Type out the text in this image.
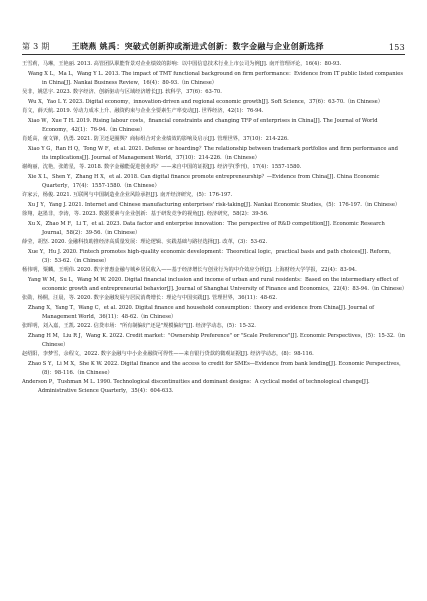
第 3 期	王晓燕 姚禹：突破式创新抑或渐进式创新：数字金融与企业创新选择	153

王雪莉，马琳，王艳丽. 2013. 高管团队职能背景对企业绩效的影响：以中国信息技术行业上市公司为例[J]. 南开管理评论，16(4)：80-93.

Wang X L，Ma L，Wang Y L. 2013. The impact of TMT functional background on firm performance：Evidence from IT public listed companies in China[J]. Nankai Business Review，16(4)：80-93.（in Chinese）

吴非，姚思宇. 2023. 数字经济、创新驱动与区域经济增长[J]. 软科学，37(6)：63-70.

Wu X，Yao L Y. 2023. Digital economy，innovation-driven and regional economic growth[J]. Soft Science，37(6)：63-70.（in Chinese）

肖文，薛天航. 2019. 劳动力成本上升、融资约束与企业全要素生产率变动[J]. 世界经济，42(1)：76-94.

Xiao W，Xue T H. 2019. Rising labour costs，financial constraints and changing TFP of enterprises in China[J]. The Journal of World Economy，42(1)：76-94.（in Chinese）

肖延高，童文锋，仇勇. 2021. 防卫还是圈舆？商标组合对企业绩效的影响及启示[J]. 管理世界，37(10)：214-226.

Xiao Y G，Ran H Q，Tong W F，et al. 2021. Defense or hoarding？The relationship between trademark portfolios and firm performance and its implications[J]. Journal of Management World，37(10)：214-226.（in Chinese）

谢绚丽，沈艳，张皓星，等. 2018. 数字金融能促进创业吗？——来自中国的证据[J]. 经济学(季刊)，17(4)：1557-1580.

Xie X L，Shen Y，Zhang H X，et al. 2018. Can digital finance promote entrepreneurship？—Evidence from China[J]. China Economic Quarterly，17(4)：1557-1580.（in Chinese）

许家云，杨俊. 2021. 互联网与中国制造业企业风险承担[J]. 南开经济研究，(5)：176-197.

Xu J Y，Yang J. 2021. Internet and Chinese manufacturing enterprises' risk-taking[J]. Nankai Economic Studies，(5)：176-197.（in Chinese）

徐翔，赵墨非，李涛，等. 2023. 数据要素与企业创新：基于研发竞争的视角[J]. 经济研究，58(2)：39-56.

Xu X，Zhao M F，Li T，et al. 2023. Data factor and enterprise innovation：The perspective of R&D competition[J]. Economic Research Journal，58(2)：39-56.（in Chinese）

薛莹，胡坚. 2020. 金融科技助推经济高质量发展：理论逻辑、实践基础与路径选择[J]. 改革，(3)：53-62.

Xue Y，Hu J. 2020. Fintech promotes high-quality economic development：Theoretical logic，practical basis and path choices[J]. Reform，(3)：53-62.（in Chinese）

杨伟明，粟麟，王明伟. 2020. 数字普惠金融与城乡居民收入——基于经济增长与创业行为的中介效应分析[J]. 上海财经大学学报，22(4)：83-94.

Yang W M，Su L，Wang M W. 2020. Digital financial inclusion and income of urban and rural residents：Based on the intermediary effect of economic growth and entrepreneurial behavior[J]. Journal of Shanghai University of Finance and Economics，22(4)：83-94.（in Chinese）

张勋，杨桐，汪晨，等. 2020. 数字金融发展与居民消费增长：理论与中国实践[J]. 管理世界，36(11)：48-62.

Zhang X，Yang T，Wang C，et al. 2020. Digital finance and household consumption：theory and evidence from China[J]. Journal of Management World，36(11)：48-62.（in Chinese）

张晖明，刘入嘉，王凯. 2022. 信贷市场："所有制偏好"还是"规模偏好"[J]. 经济学动态，(5)：15-32.

Zhang H M，Liu R J，Wang K. 2022. Credit market："Ownership Preference" or "Scale Preference"[J]. Economic Perspectives，(5)：15-32.（in Chinese）

赵绍阳，李梦雪，余程文，2022. 数字金融与中小企业融资可得性——来自银行贷款的微观证据[J]. 经济学动态，(8)：98-116.

Zhao S Y，Li M X，She K W. 2022. Digital finance and the access to credit for SMEs—Evidence from bank lending[J]. Economic Perspectives，(8)：98-116.（in Chinese）

Anderson P，Tushman M L. 1990. Technological discontinuities and dominant designs：A cyclical model of technological change[J]. Administrative Science Quarterly，35(4)：604-633.
